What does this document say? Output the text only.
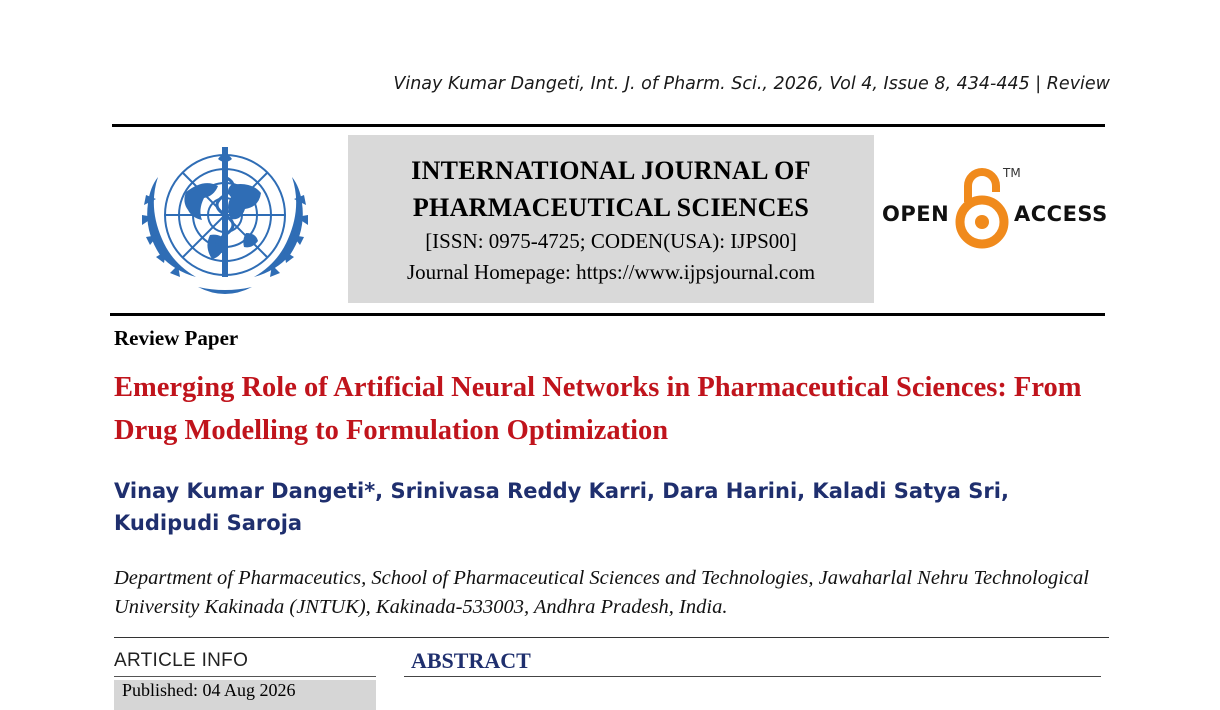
Vinay Kumar Dangeti, Int. J. of Pharm. Sci., 2026, Vol 4, Issue 8, 434-445 | Review
INTERNATIONAL JOURNAL OF
PHARMACEUTICAL SCIENCES
[ISSN: 0975-4725; CODEN(USA): IJPS00]
Journal Homepage: https://www.ijpsjournal.com
OPEN
TM
ACCESS
Review Paper
Emerging Role of Artificial Neural Networks in Pharmaceutical Sciences: From Drug Modelling to Formulation Optimization
Vinay Kumar Dangeti*, Srinivasa Reddy Karri, Dara Harini, Kaladi Satya Sri,
Kudipudi Saroja
Department of Pharmaceutics, School of Pharmaceutical Sciences and Technologies, Jawaharlal Nehru Technological University Kakinada (JNTUK), Kakinada-533003, Andhra Pradesh, India.
ARTICLE INFO
Published: 04 Aug 2026
ABSTRACT
